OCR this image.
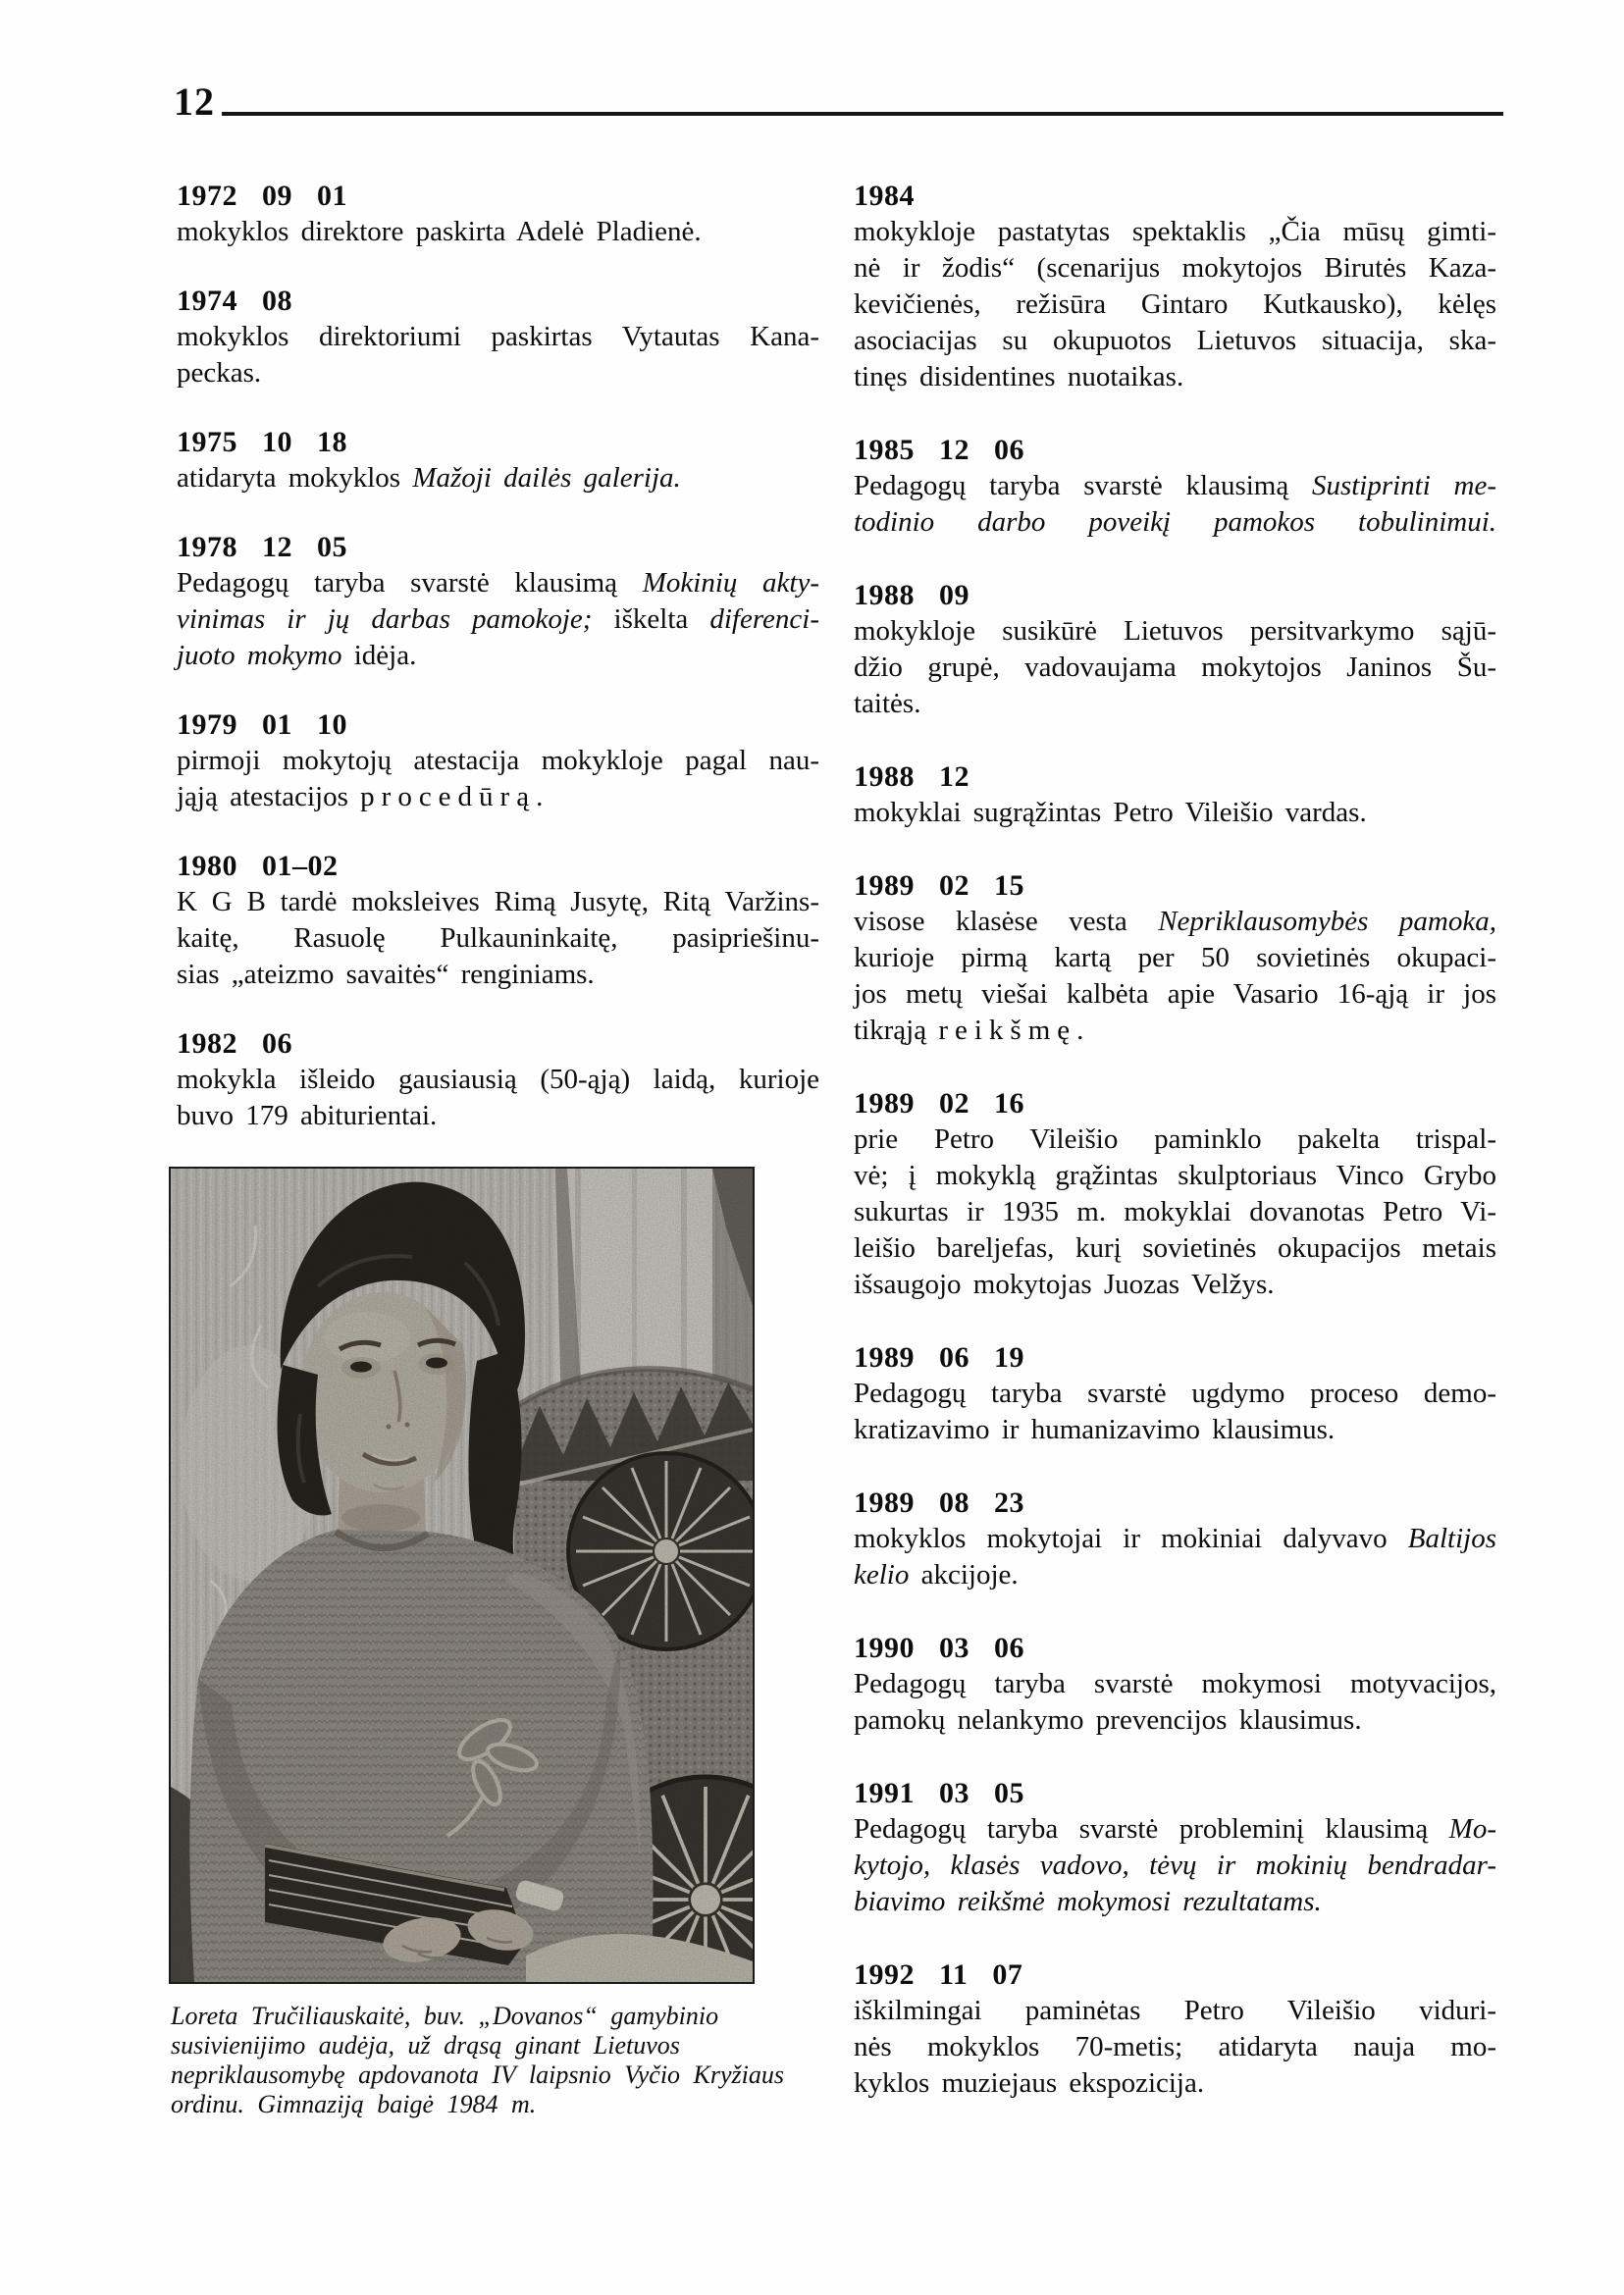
12
1972 09 01
mokyklos direktore paskirta Adelė Pladienė.
1974 08
mokyklos direktoriumi paskirtas Vytautas Kana-
peckas.
1975 10 18
atidaryta mokyklos Mažoji dailės galerija.
1978 12 05
Pedagogų taryba svarstė klausimą Mokinių akty-
vinimas ir jų darbas pamokoje; iškelta diferenci-
juoto mokymo idėja.
1979 01 10
pirmoji mokytojų atestacija mokykloje pagal nau-
jąją atestacijos procedūrą.
1980 01–02
K G B tardė moksleives Rimą Jusytę, Ritą Varžins-
kaitę, Rasuolę Pulkauninkaitę, pasipriešinu-
sias „ateizmo savaitės“ renginiams.
1982 06
mokykla išleido gausiausią (50-ąją) laidą, kurioje
buvo 179 abiturientai.
1984
mokykloje pastatytas spektaklis „Čia mūsų gimti-
nė ir žodis“ (scenarijus mokytojos Birutės Kaza-
kevičienės, režisūra Gintaro Kutkausko), kėlęs
asociacijas su okupuotos Lietuvos situacija, ska-
tinęs disidentines nuotaikas.
1985 12 06
Pedagogų taryba svarstė klausimą Sustiprinti me-
todinio darbo poveikį pamokos tobulinimui.
1988 09
mokykloje susikūrė Lietuvos persitvarkymo sąjū-
džio grupė, vadovaujama mokytojos Janinos Šu-
taitės.
1988 12
mokyklai sugrąžintas Petro Vileišio vardas.
1989 02 15
visose klasėse vesta Nepriklausomybės pamoka,
kurioje pirmą kartą per 50 sovietinės okupaci-
jos metų viešai kalbėta apie Vasario 16-ąją ir jos
tikrąją reikšmę.
1989 02 16
prie Petro Vileišio paminklo pakelta trispal-
vė; į mokyklą grąžintas skulptoriaus Vinco Grybo
sukurtas ir 1935 m. mokyklai dovanotas Petro Vi-
leišio bareljefas, kurį sovietinės okupacijos metais
išsaugojo mokytojas Juozas Velžys.
1989 06 19
Pedagogų taryba svarstė ugdymo proceso demo-
kratizavimo ir humanizavimo klausimus.
1989 08 23
mokyklos mokytojai ir mokiniai dalyvavo Baltijos
kelio akcijoje.
1990 03 06
Pedagogų taryba svarstė mokymosi motyvacijos,
pamokų nelankymo prevencijos klausimus.
1991 03 05
Pedagogų taryba svarstė probleminį klausimą Mo-
kytojo, klasės vadovo, tėvų ir mokinių bendradar-
biavimo reikšmė mokymosi rezultatams.
1992 11 07
iškilmingai paminėtas Petro Vileišio viduri-
nės mokyklos 70-metis; atidaryta nauja mo-
kyklos muziejaus ekspozicija.
Loreta Tručiliauskaitė, buv. „Dovanos“ gamybinio
susivienijimo audėja, už drąsą ginant Lietuvos
nepriklausomybę apdovanota IV laipsnio Vyčio Kryžiaus
ordinu. Gimnaziją baigė 1984 m.
